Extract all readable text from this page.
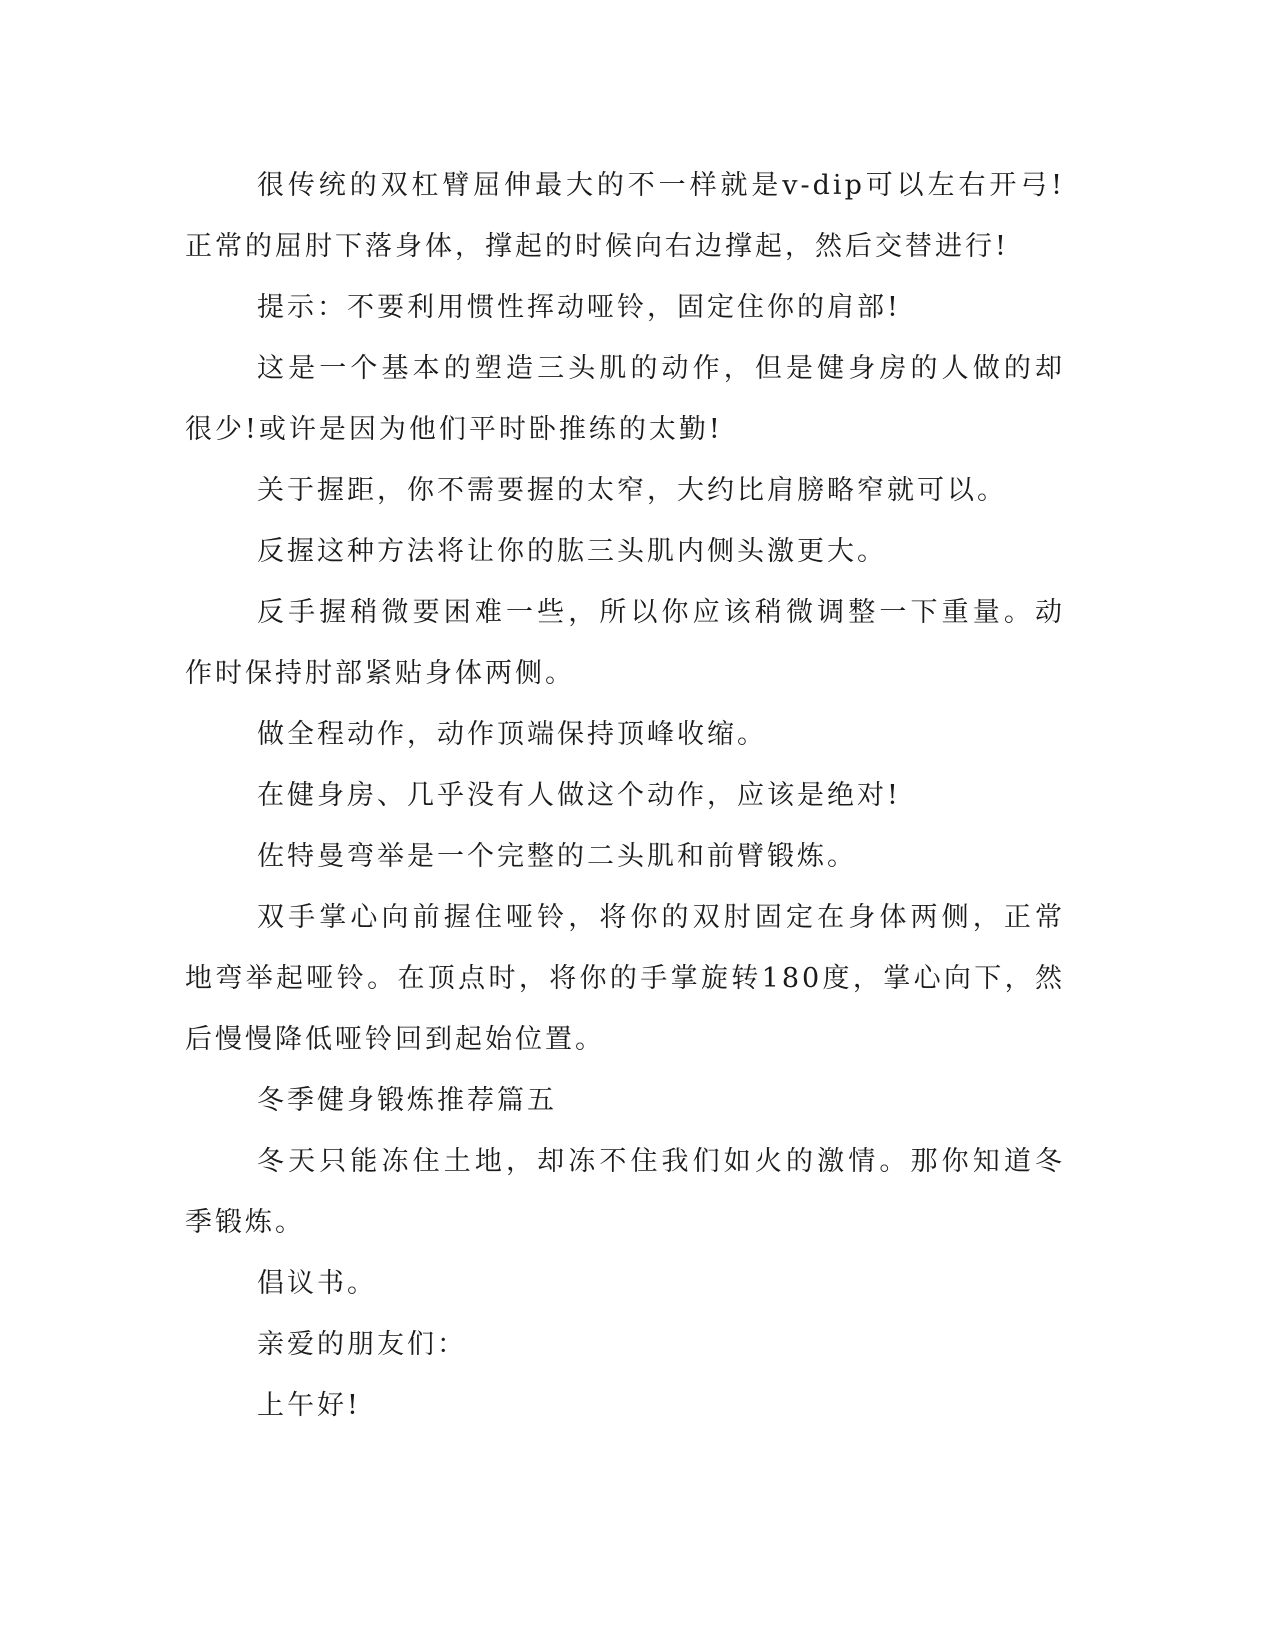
很传统的双杠臂屈伸最大的不一样就是v-dip可以左右开弓!正常的屈肘下落身体，撑起的时候向右边撑起，然后交替进行!

提示：不要利用惯性挥动哑铃，固定住你的肩部!

这是一个基本的塑造三头肌的动作，但是健身房的人做的却很少!或许是因为他们平时卧推练的太勤!

关于握距，你不需要握的太窄，大约比肩膀略窄就可以。

反握这种方法将让你的肱三头肌内侧头激更大。

反手握稍微要困难一些，所以你应该稍微调整一下重量。动作时保持肘部紧贴身体两侧。

做全程动作，动作顶端保持顶峰收缩。

在健身房、几乎没有人做这个动作，应该是绝对!

佐特曼弯举是一个完整的二头肌和前臂锻炼。

双手掌心向前握住哑铃，将你的双肘固定在身体两侧，正常地弯举起哑铃。在顶点时，将你的手掌旋转180度，掌心向下，然后慢慢降低哑铃回到起始位置。

冬季健身锻炼推荐篇五

冬天只能冻住土地，却冻不住我们如火的激情。那你知道冬季锻炼。

倡议书。

亲爱的朋友们：

上午好!
